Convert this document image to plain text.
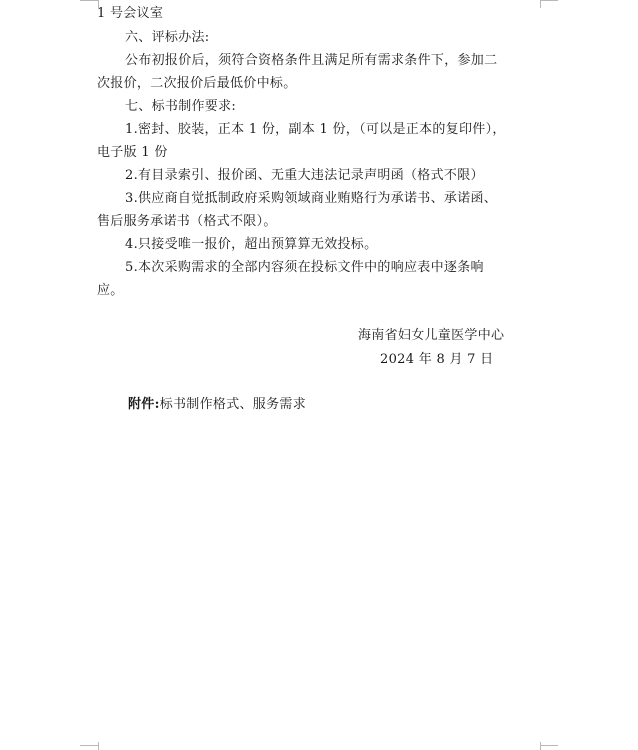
1 号会议室
六、评标办法:
公布初报价后，须符合资格条件且满足所有需求条件下，参加二
次报价，二次报价后最低价中标。
七、标书制作要求:
1.密封、胶装，正本 1 份，副本 1 份，（可以是正本的复印件），
电子版 1 份
2.有目录索引、报价函、无重大违法记录声明函（格式不限）
3.供应商自觉抵制政府采购领域商业贿赂行为承诺书、承诺函、
售后服务承诺书（格式不限）。
4.只接受唯一报价，超出预算算无效投标。
5.本次采购需求的全部内容须在投标文件中的响应表中逐条响
应。
海南省妇女儿童医学中心
2024 年 8 月 7 日
附件:标书制作格式、服务需求
